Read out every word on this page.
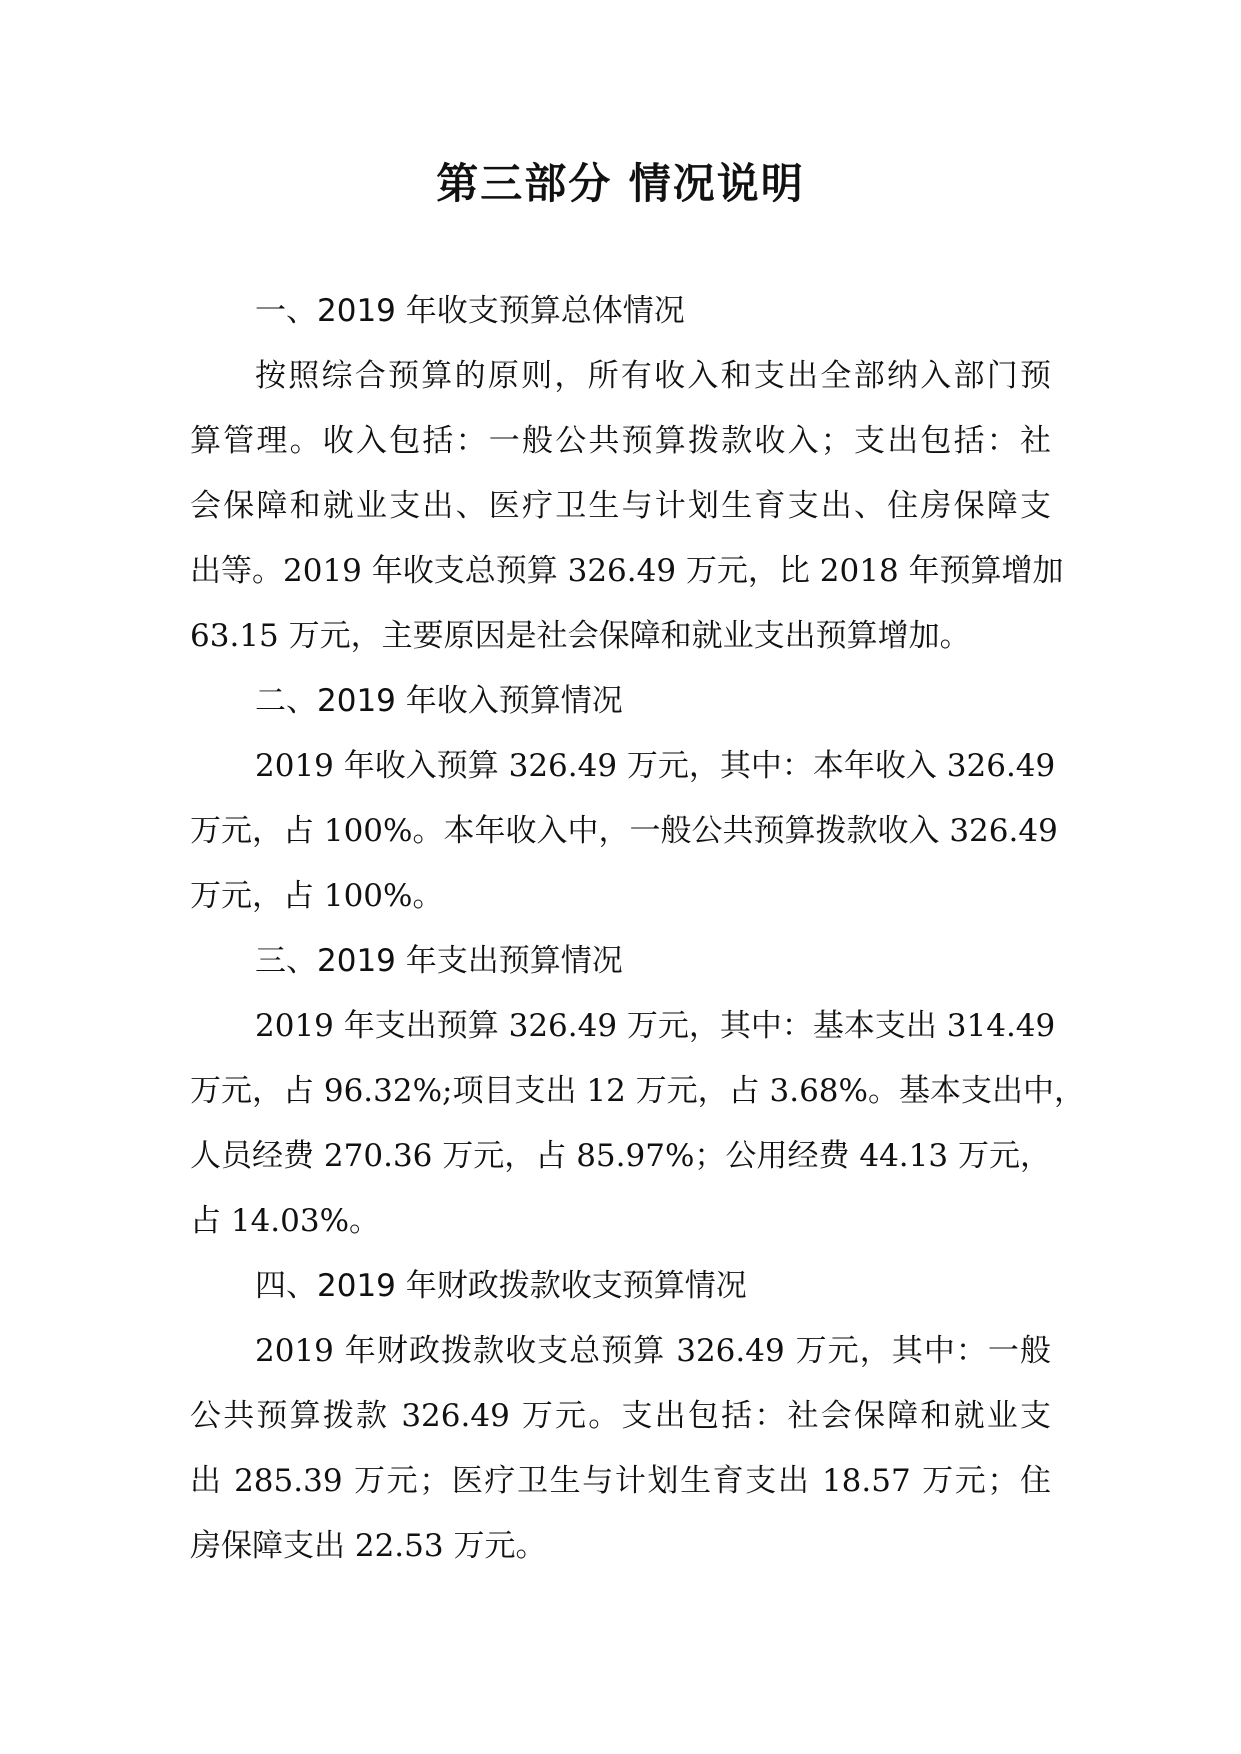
第三部分 情况说明
一、2019 年收支预算总体情况
按照综合预算的原则，所有收入和支出全部纳入部门预
算管理。收入包括：一般公共预算拨款收入；支出包括：社
会保障和就业支出、医疗卫生与计划生育支出、住房保障支
出等。2019 年收支总预算 326.49 万元，比 2018 年预算增加
63.15 万元，主要原因是社会保障和就业支出预算增加。
二、2019 年收入预算情况
2019 年收入预算 326.49 万元，其中：本年收入 326.49
万元，占 100%。本年收入中，一般公共预算拨款收入 326.49
万元，占 100%。
三、2019 年支出预算情况
2019 年支出预算 326.49 万元，其中：基本支出 314.49
万元，占 96.32%;项目支出 12 万元，占 3.68%。基本支出中，
人员经费 270.36 万元，占 85.97%；公用经费 44.13 万元，
占 14.03%。
四、2019 年财政拨款收支预算情况
2019 年财政拨款收支总预算 326.49 万元，其中：一般
公共预算拨款 326.49 万元。支出包括：社会保障和就业支
出 285.39 万元；医疗卫生与计划生育支出 18.57 万元；住
房保障支出 22.53 万元。
